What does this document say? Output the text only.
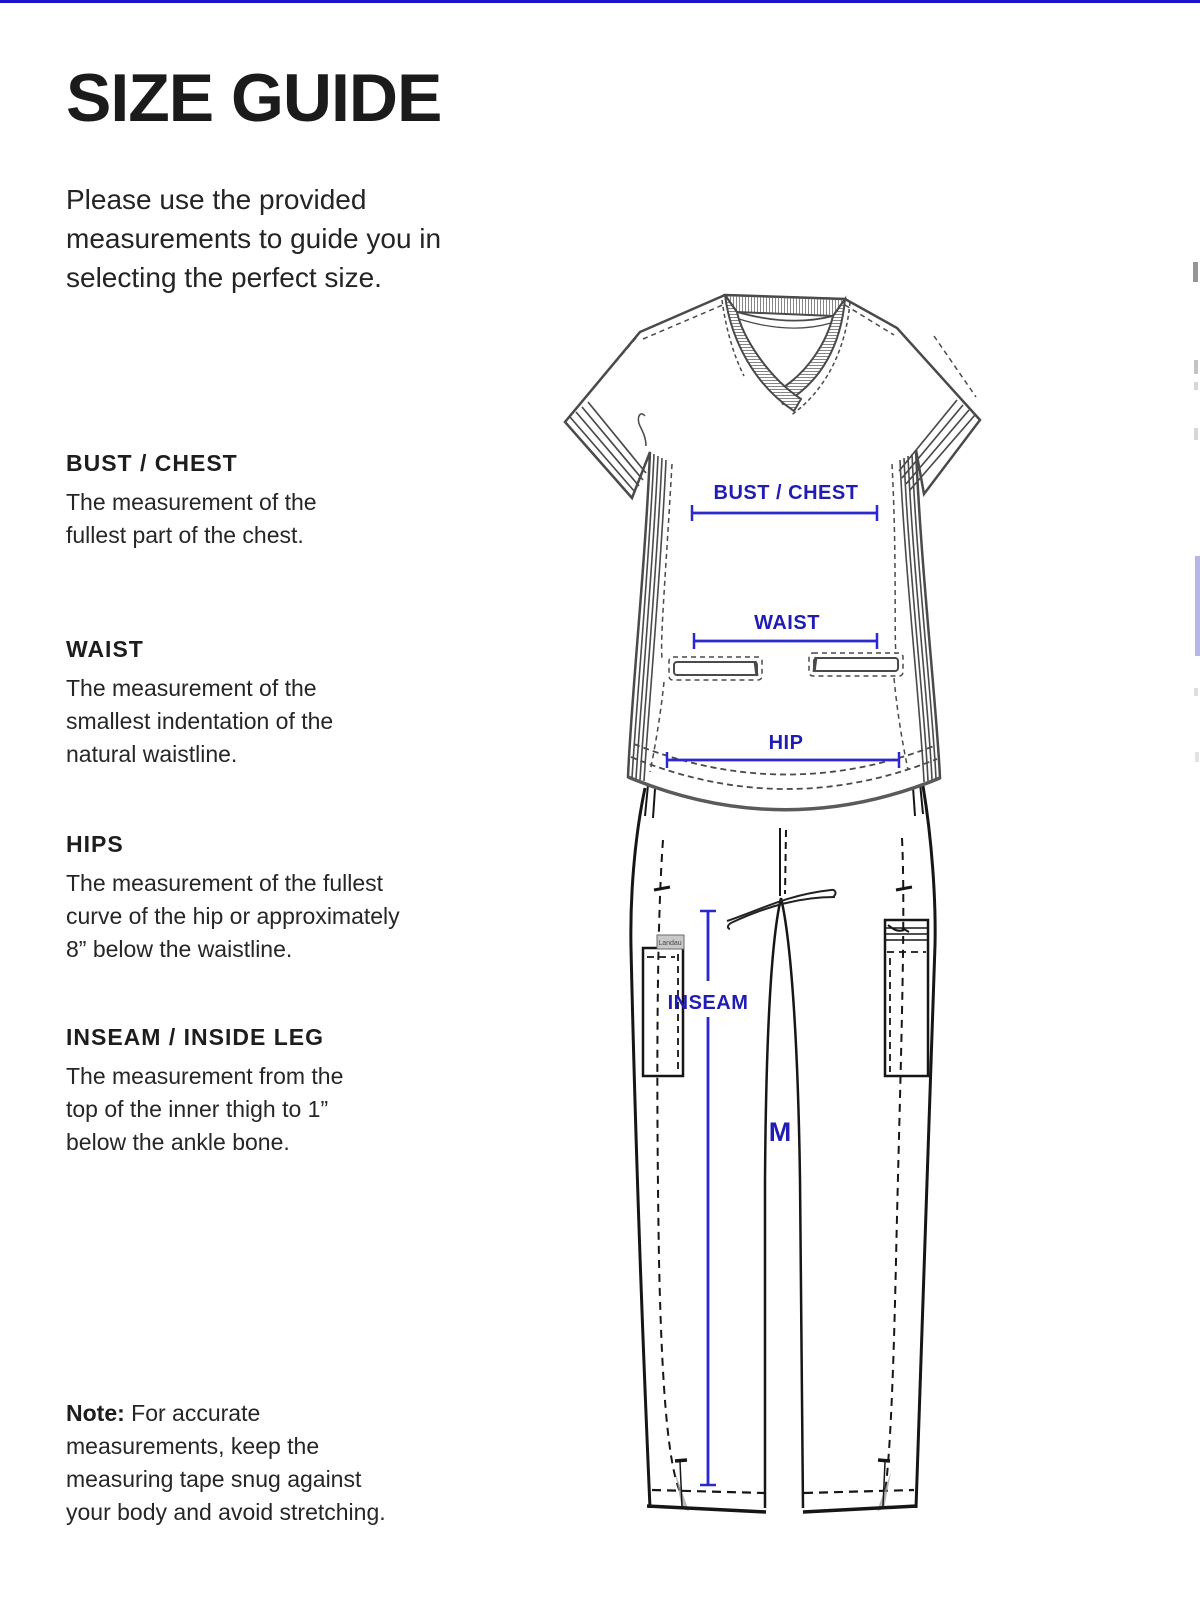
SIZE GUIDE

Please use the provided measurements to guide you in selecting the perfect size.

BUST / CHEST

The measurement of the fullest part of the chest.

WAIST

The measurement of the smallest indentation of the natural waistline.

HIPS

The measurement of the fullest curve of the hip or approximately 8” below the waistline.

INSEAM / INSIDE LEG

The measurement from the top of the inner thigh to 1” below the ankle bone.

Note: For accurate measurements, keep the measuring tape snug against your body and avoid stretching.

Landau
BUST / CHEST
WAIST
HIP
INSEAM
M
